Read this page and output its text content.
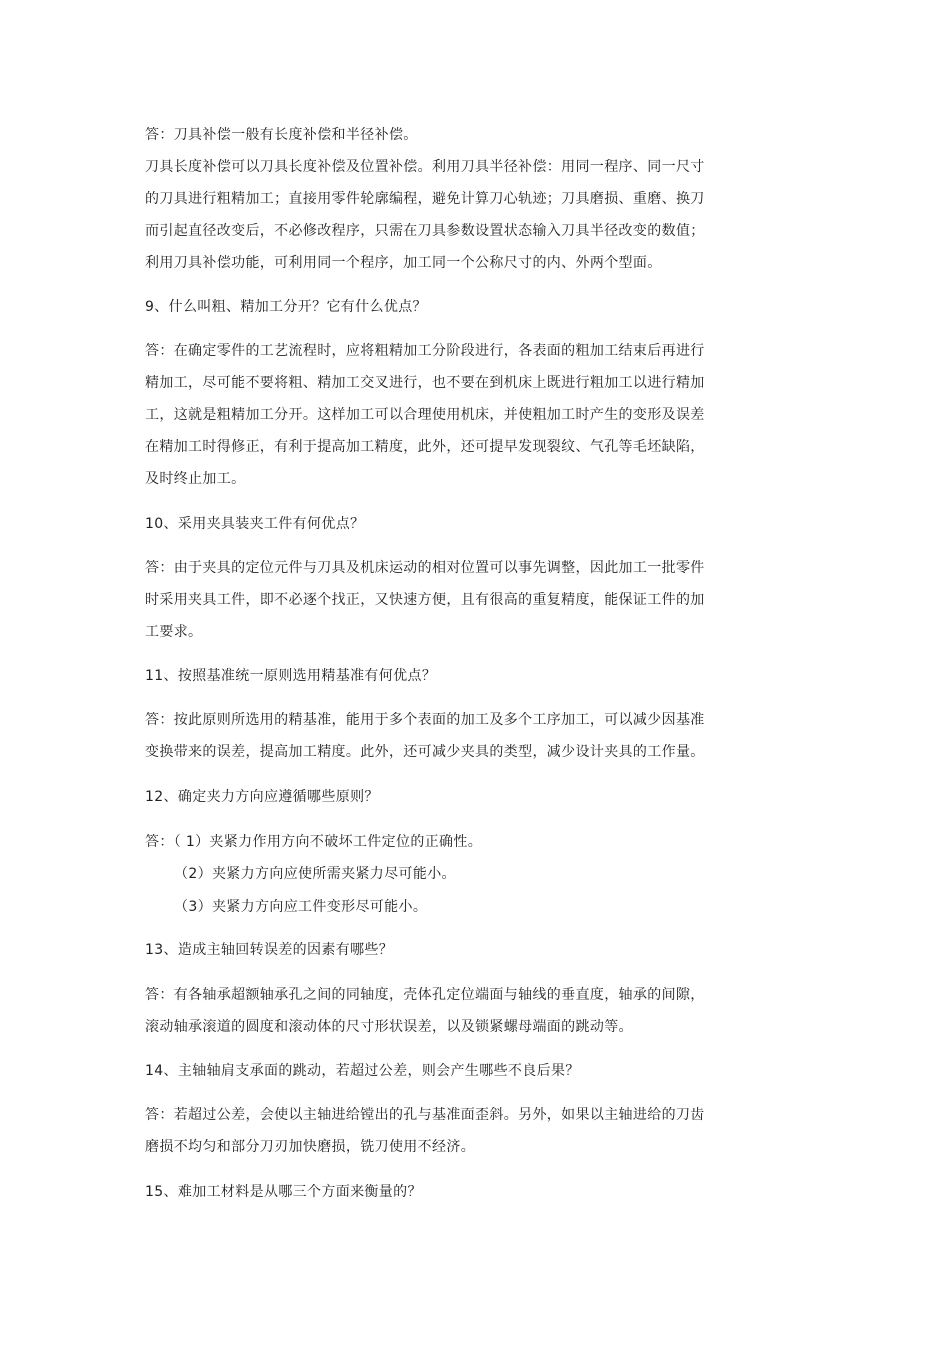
答：刀具补偿一般有长度补偿和半径补偿。
刀具长度补偿可以刀具长度补偿及位置补偿。利用刀具半径补偿：用同一程序、同一尺寸
的刀具进行粗精加工；直接用零件轮廓编程，避免计算刀心轨迹；刀具磨损、重磨、换刀
而引起直径改变后，不必修改程序，只需在刀具参数设置状态输入刀具半径改变的数值；
利用刀具补偿功能，可利用同一个程序，加工同一个公称尺寸的内、外两个型面。
9、什么叫粗、精加工分开？它有什么优点？
答：在确定零件的工艺流程时，应将粗精加工分阶段进行，各表面的粗加工结束后再进行
精加工，尽可能不要将粗、精加工交叉进行，也不要在到机床上既进行粗加工以进行精加
工，这就是粗精加工分开。这样加工可以合理使用机床，并使粗加工时产生的变形及误差
在精加工时得修正，有利于提高加工精度，此外，还可提早发现裂纹、气孔等毛坯缺陷，
及时终止加工。
10、采用夹具装夹工件有何优点？
答：由于夹具的定位元件与刀具及机床运动的相对位置可以事先调整，因此加工一批零件
时采用夹具工件，即不必逐个找正，又快速方便，且有很高的重复精度，能保证工件的加
工要求。
11、按照基准统一原则选用精基准有何优点？
答：按此原则所选用的精基准，能用于多个表面的加工及多个工序加工，可以减少因基准
变换带来的误差，提高加工精度。此外，还可减少夹具的类型，减少设计夹具的工作量。
12、确定夹力方向应遵循哪些原则？
答：（ 1）夹紧力作用方向不破坏工件定位的正确性。
（2）夹紧力方向应使所需夹紧力尽可能小。
（3）夹紧力方向应工件变形尽可能小。
13、造成主轴回转误差的因素有哪些？
答：有各轴承超额轴承孔之间的同轴度，壳体孔定位端面与轴线的垂直度，轴承的间隙，
滚动轴承滚道的圆度和滚动体的尺寸形状误差，以及锁紧螺母端面的跳动等。
14、主轴轴肩支承面的跳动，若超过公差，则会产生哪些不良后果？
答：若超过公差，会使以主轴进给镗出的孔与基准面歪斜。另外，如果以主轴进给的刀齿
磨损不均匀和部分刀刃加快磨损，铣刀使用不经济。
15、难加工材料是从哪三个方面来衡量的？
